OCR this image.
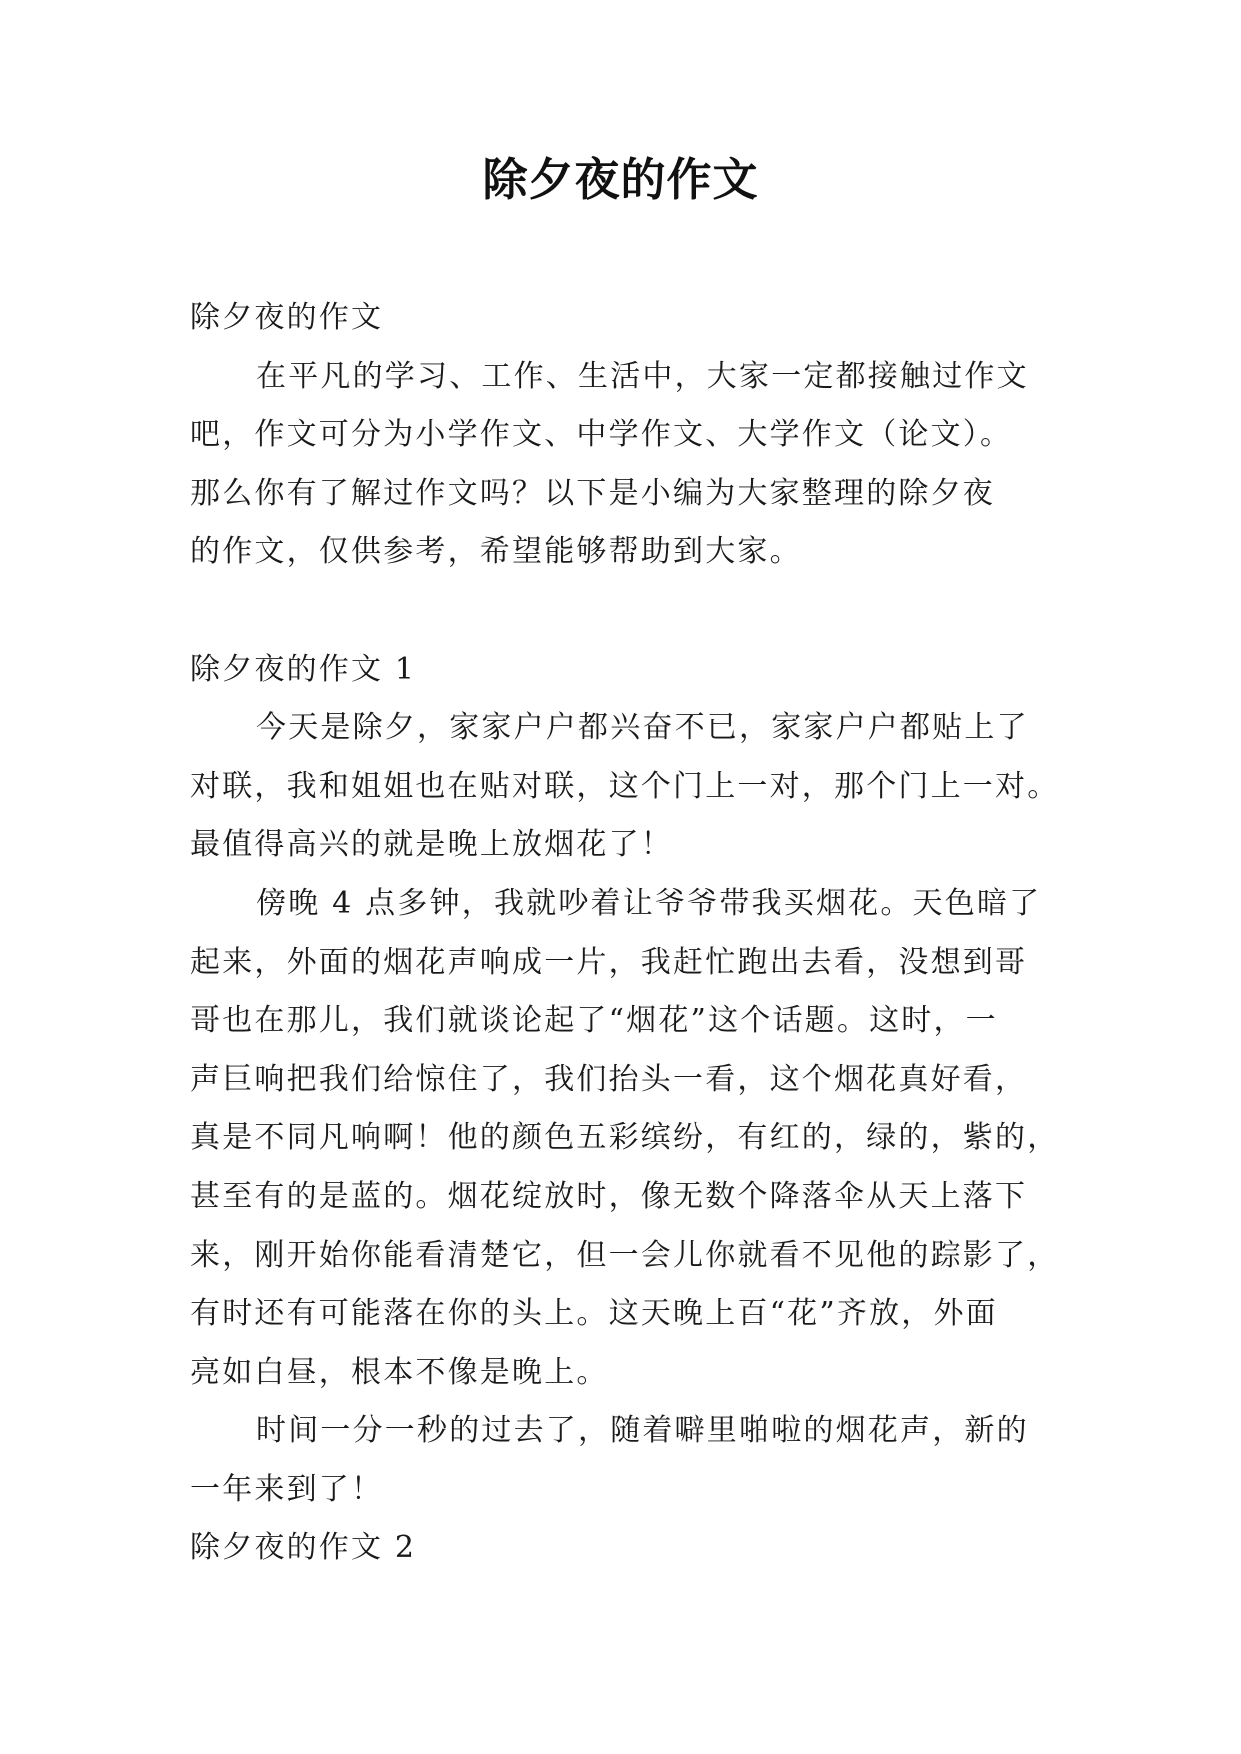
除夕夜的作文
除夕夜的作文
在平凡的学习、工作、生活中，大家一定都接触过作文
吧，作文可分为小学作文、中学作文、大学作文（论文）。
那么你有了解过作文吗？以下是小编为大家整理的除夕夜
的作文，仅供参考，希望能够帮助到大家。
除夕夜的作文 1
今天是除夕，家家户户都兴奋不已，家家户户都贴上了
对联，我和姐姐也在贴对联，这个门上一对，那个门上一对。
最值得高兴的就是晚上放烟花了！
傍晚 4 点多钟，我就吵着让爷爷带我买烟花。天色暗了
起来，外面的烟花声响成一片，我赶忙跑出去看，没想到哥
哥也在那儿，我们就谈论起了“烟花”这个话题。这时，一
声巨响把我们给惊住了，我们抬头一看，这个烟花真好看，
真是不同凡响啊！他的颜色五彩缤纷，有红的，绿的，紫的，
甚至有的是蓝的。烟花绽放时，像无数个降落伞从天上落下
来，刚开始你能看清楚它，但一会儿你就看不见他的踪影了，
有时还有可能落在你的头上。这天晚上百“花”齐放，外面
亮如白昼，根本不像是晚上。
时间一分一秒的过去了，随着噼里啪啦的烟花声，新的
一年来到了！
除夕夜的作文 2
